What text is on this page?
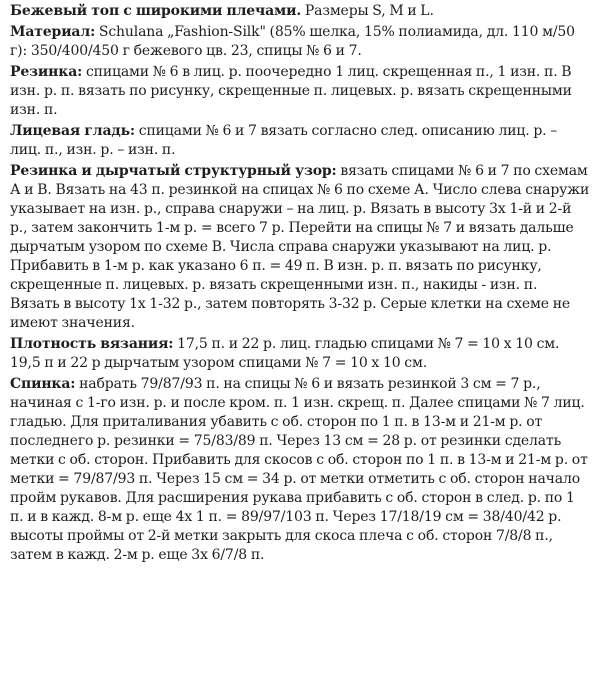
Бежевый топ с широкими плечами. Размеры S, M и L.

Материал: Schulana „Fashion-Silk" (85% шелка, 15% полиамида, дл. 110 м/50 г): 350/400/450 г бежевого цв. 23, спицы № 6 и 7.

Резинка: спицами № 6 в лиц. р. поочередно 1 лиц. скрещенная п., 1 изн. п. В изн. р. п. вязать по рисунку, скрещенные п. лицевых. р. вязать скрещенными изн. п.

Лицевая гладь: спицами № 6 и 7 вязать согласно след. описанию лиц. р. – лиц. п., изн. р. – изн. п.

Резинка и дырчатый структурный узор: вязать спицами № 6 и 7 по схемам А и В. Вязать на 43 п. резинкой на спицах № 6 по схеме А. Число слева снаружи указывает на изн. р., справа снаружи – на лиц. р. Вязать в высоту 3х 1-й и 2-й р., затем закончить 1-м р. = всего 7 р. Перейти на спицы № 7 и вязать дальше дырчатым узором по схеме В. Числа справа снаружи указывают на лиц. р. Прибавить в 1-м р. как указано 6 п. = 49 п. В изн. р. п. вязать по рисунку, скрещенные п. лицевых. р. вязать скрещенными изн. п., накиды - изн. п. Вязать в высоту 1х 1-32 р., затем повторять 3-32 р. Серые клетки на схеме не имеют значения.

Плотность вязания: 17,5 п. и 22 р. лиц. гладью спицами № 7 = 10 х 10 см. 19,5 п и 22 р дырчатым узором спицами № 7 = 10 х 10 см.

Спинка: набрать 79/87/93 п. на спицы № 6 и вязать резинкой 3 см = 7 р., начиная с 1-го изн. р. и после кром. п. 1 изн. скрещ. п. Далее спицами № 7 лиц. гладью. Для приталивания убавить с об. сторон по 1 п. в 13-м и 21-м р. от последнего р. резинки = 75/83/89 п. Через 13 см = 28 р. от резинки сделать метки с об. сторон. Прибавить для скосов с об. сторон по 1 п. в 13-м и 21-м р. от метки = 79/87/93 п. Через 15 см = 34 р. от метки отметить с об. сторон начало пройм рукавов. Для расширения рукава прибавить с об. сторон в след. р. по 1 п. и в кажд. 8-м р. еще 4х 1 п. = 89/97/103 п. Через 17/18/19 см = 38/40/42 р. высоты проймы от 2-й метки закрыть для скоса плеча с об. сторон 7/8/8 п., затем в кажд. 2-м р. еще 3х 6/7/8 п.
